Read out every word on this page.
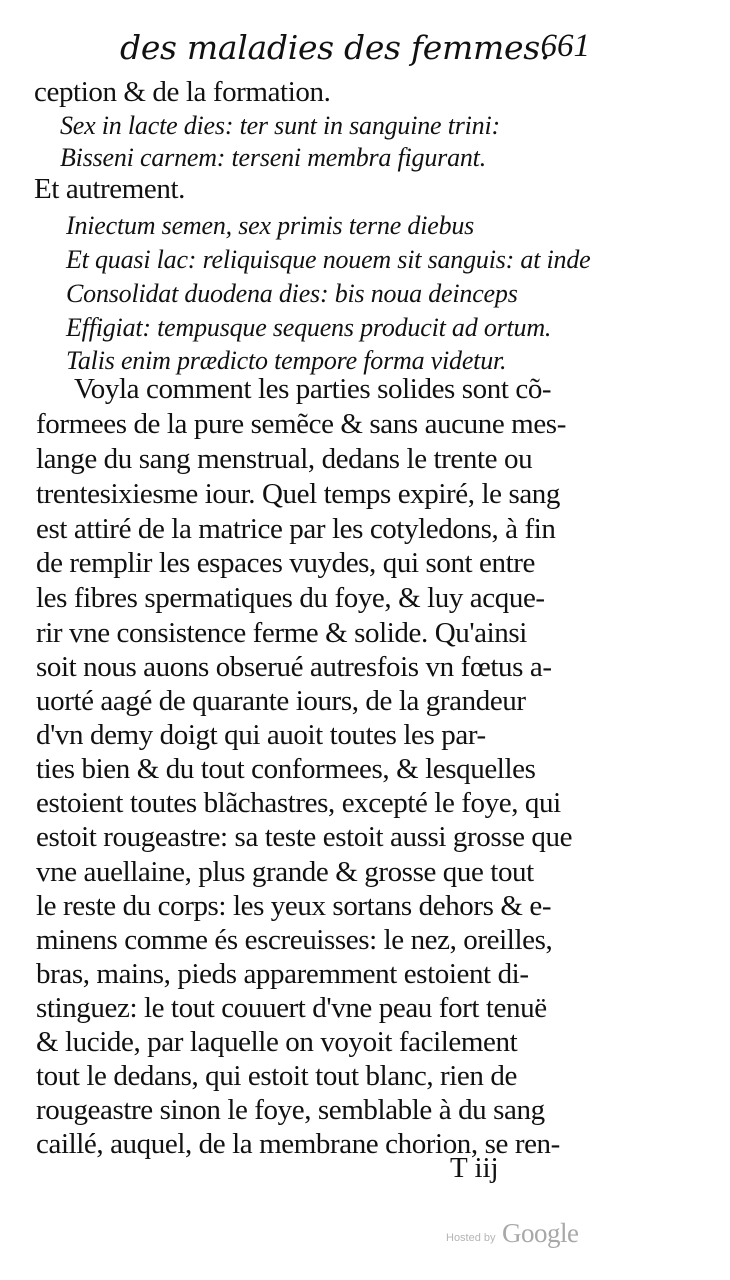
des maladies des femmes.
661
ception & de la formation.
Sex in lacte dies: ter sunt in sanguine trini:
Bisseni carnem: terseni membra figurant.
Et autrement.
Iniectum semen, sex primis terne diebus
Et quasi lac: reliquisque nouem sit sanguis: at inde
Consolidat duodena dies: bis noua deinceps
Effigiat: tempusque sequens producit ad ortum.
Talis enim prædicto tempore forma videtur.
Voyla comment les parties solides sont cõ-
formees de la pure semẽce & sans aucune mes-
lange du sang menstrual, dedans le trente ou
trentesixiesme iour. Quel temps expiré, le sang
est attiré de la matrice par les cotyledons, à fin
de remplir les espaces vuydes, qui sont entre
les fibres spermatiques du foye, & luy acque-
rir vne consistence ferme & solide. Qu'ainsi
soit nous auons obserué autresfois vn fœtus a-
uorté aagé de quarante iours, de la grandeur
d'vn demy doigt qui auoit toutes les par-
ties bien & du tout conformees, & lesquelles
estoient toutes blãchastres, excepté le foye, qui
estoit rougeastre: sa teste estoit aussi grosse que
vne auellaine, plus grande & grosse que tout
le reste du corps: les yeux sortans dehors & e-
minens comme és escreuisses: le nez, oreilles,
bras, mains, pieds apparemment estoient di-
stinguez: le tout couuert d'vne peau fort tenuë
& lucide, par laquelle on voyoit facilement
tout le dedans, qui estoit tout blanc, rien de
rougeastre sinon le foye, semblable à du sang
caillé, auquel, de la membrane chorion, se ren-
T iij
Hosted by Google
